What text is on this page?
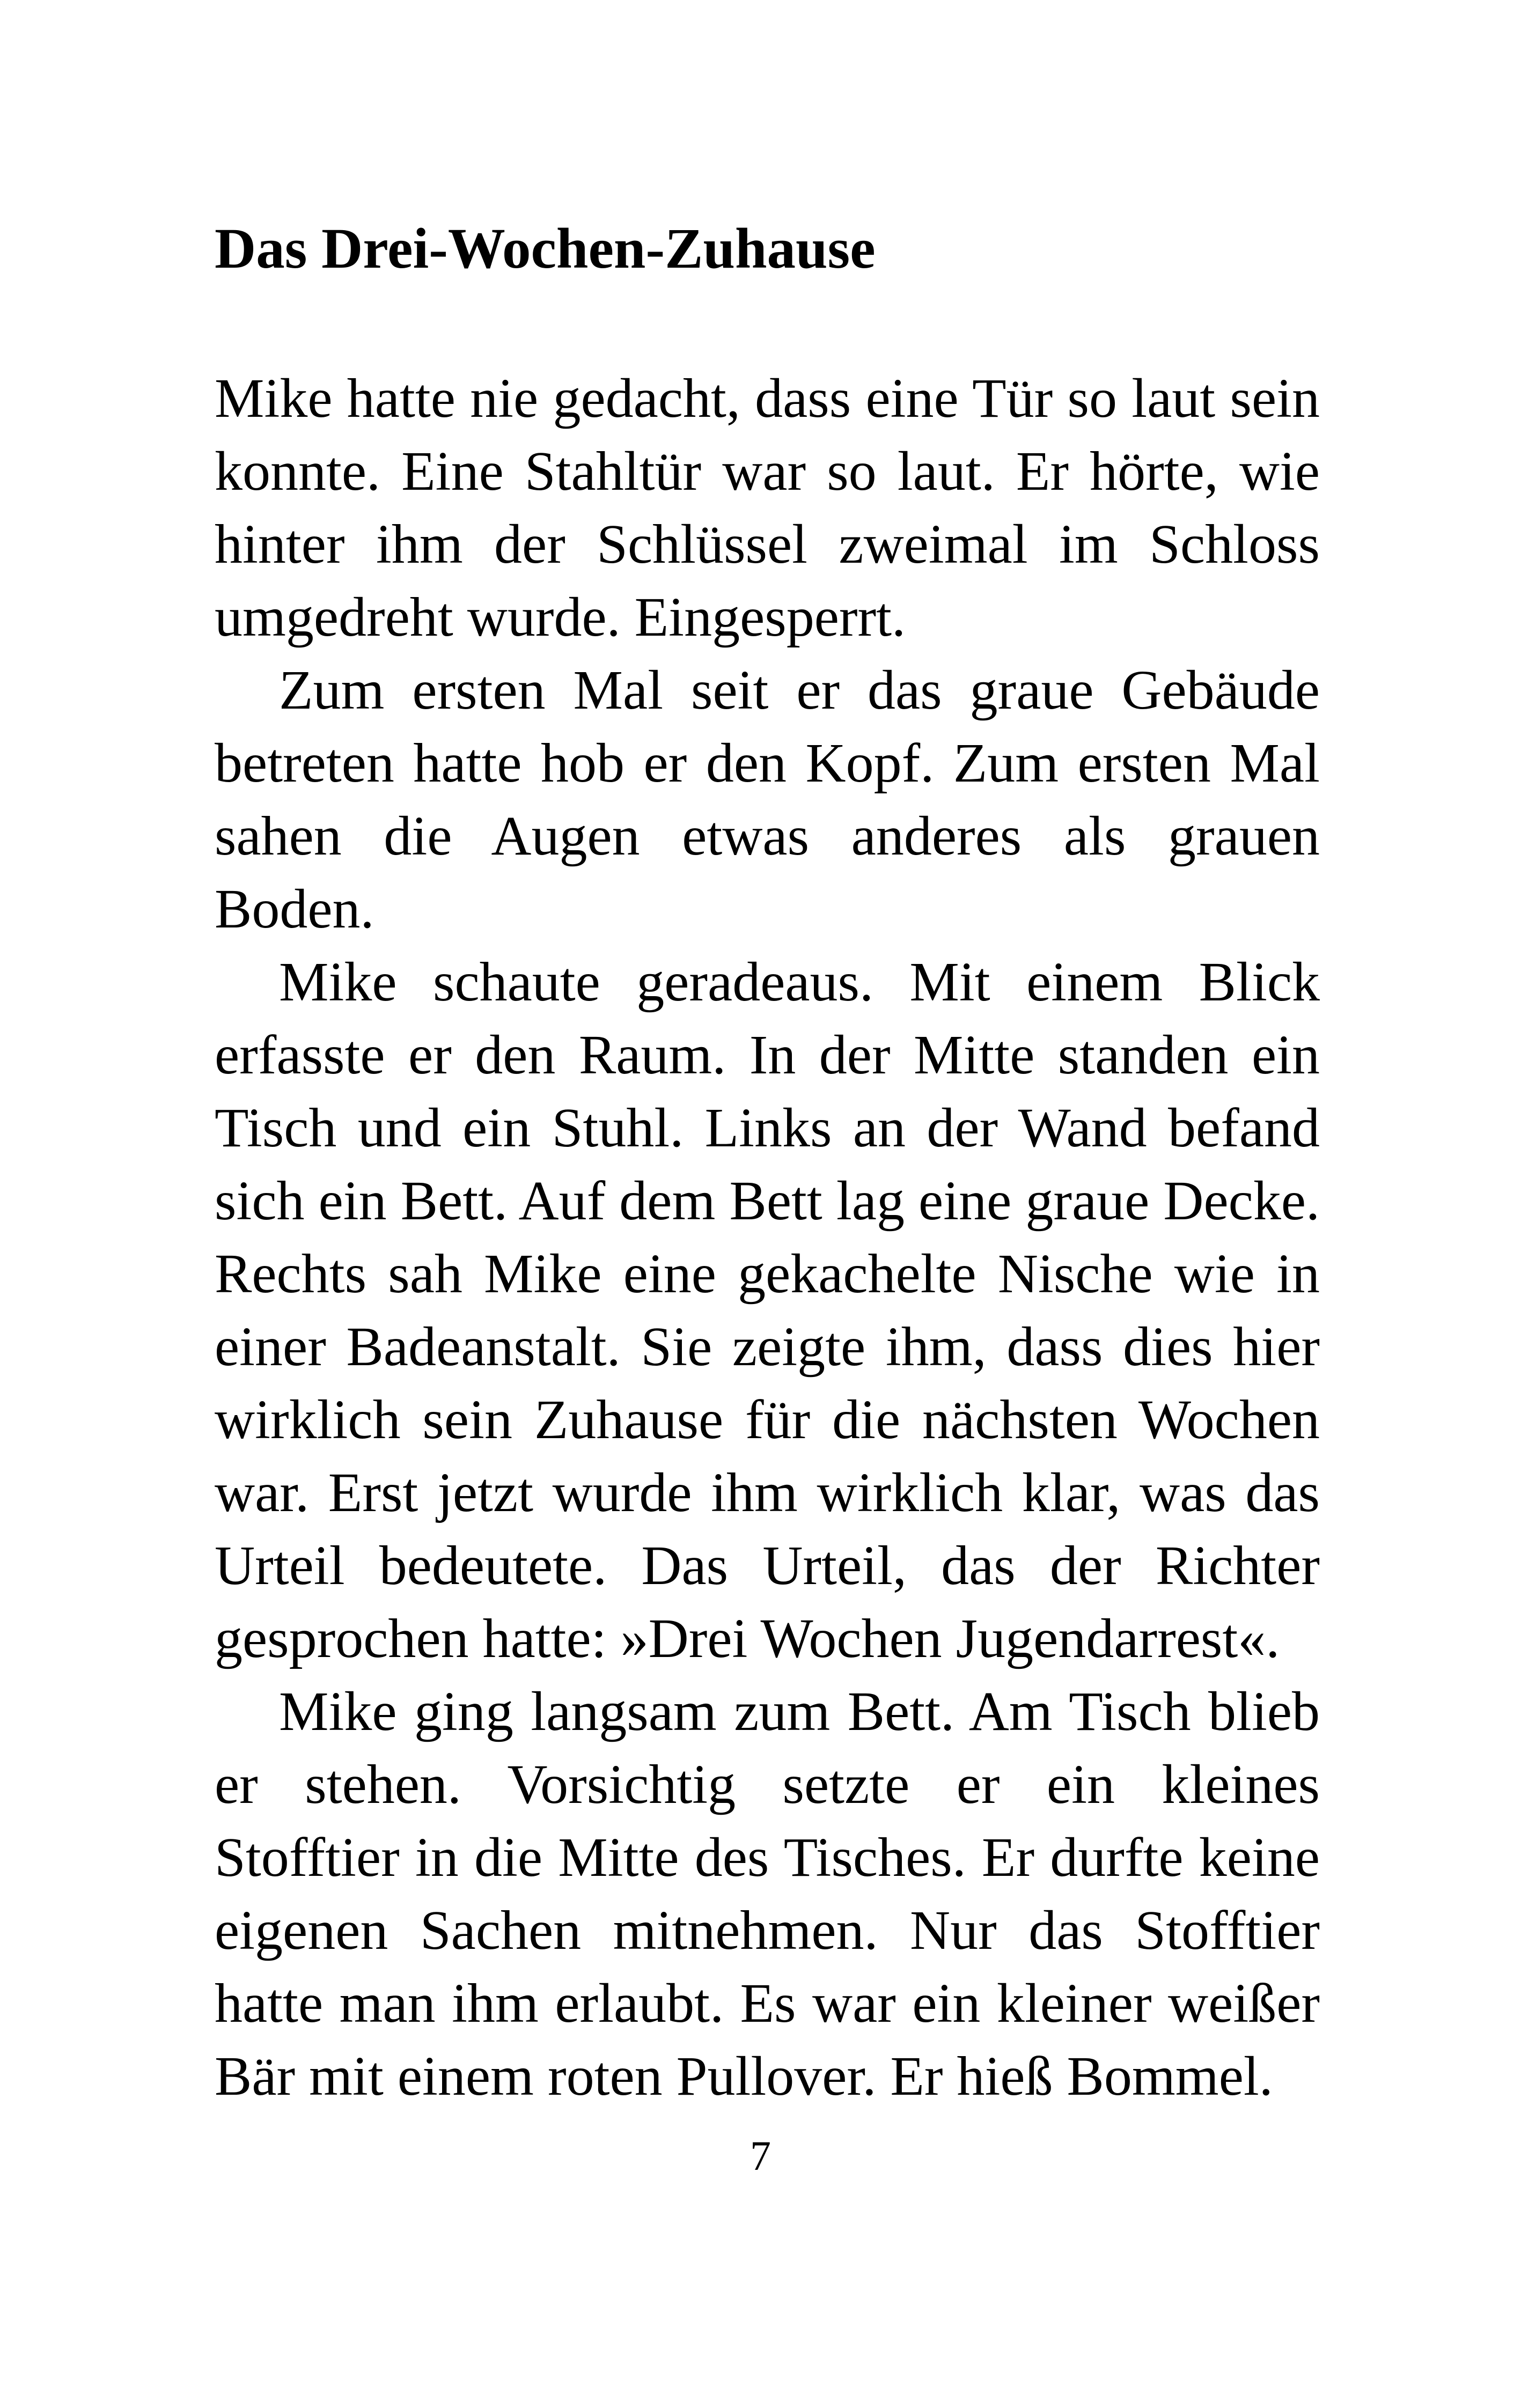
Das Drei-Wochen-Zuhause

Mike hatte nie gedacht, dass eine Tür so laut sein konnte. Eine Stahltür war so laut. Er hörte, wie hinter ihm der Schlüssel zweimal im Schloss umgedreht wurde. Eingesperrt.

Zum ersten Mal seit er das graue Gebäude betreten hatte hob er den Kopf. Zum ersten Mal sahen die Augen etwas anderes als grauen Boden.

Mike schaute geradeaus. Mit einem Blick erfasste er den Raum. In der Mitte standen ein Tisch und ein Stuhl. Links an der Wand befand sich ein Bett. Auf dem Bett lag eine graue Decke. Rechts sah Mike eine gekachelte Nische wie in einer Badeanstalt. Sie zeigte ihm, dass dies hier wirklich sein Zuhause für die nächsten Wochen war. Erst jetzt wurde ihm wirklich klar, was das Urteil bedeutete. Das Urteil, das der Richter gesprochen hatte: »Drei Wochen Jugendarrest«.

Mike ging langsam zum Bett. Am Tisch blieb er stehen. Vorsichtig setzte er ein kleines Stofftier in die Mitte des Tisches. Er durfte keine eigenen Sachen mitnehmen. Nur das Stofftier hatte man ihm erlaubt. Es war ein kleiner weißer Bär mit einem roten Pullover. Er hieß Bommel.

7
